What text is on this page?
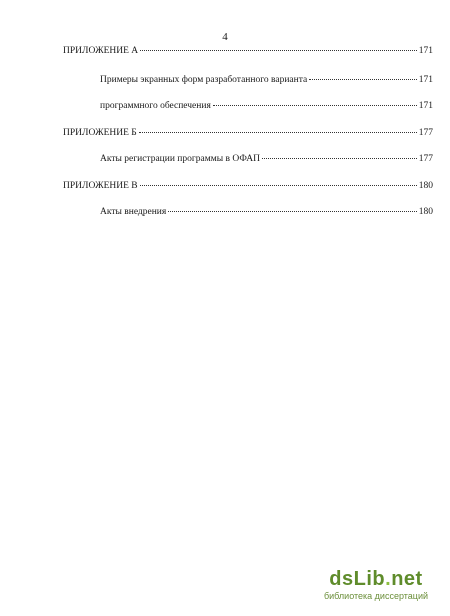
4
ПРИЛОЖЕНИЕ А	171
Примеры экранных форм разработанного варианта	171
программного обеспечения	171
ПРИЛОЖЕНИЕ Б	177
Акты регистрации программы в ОФАП	177
ПРИЛОЖЕНИЕ В	180
Акты внедрения	180
dsLib.net
библиотека диссертаций
